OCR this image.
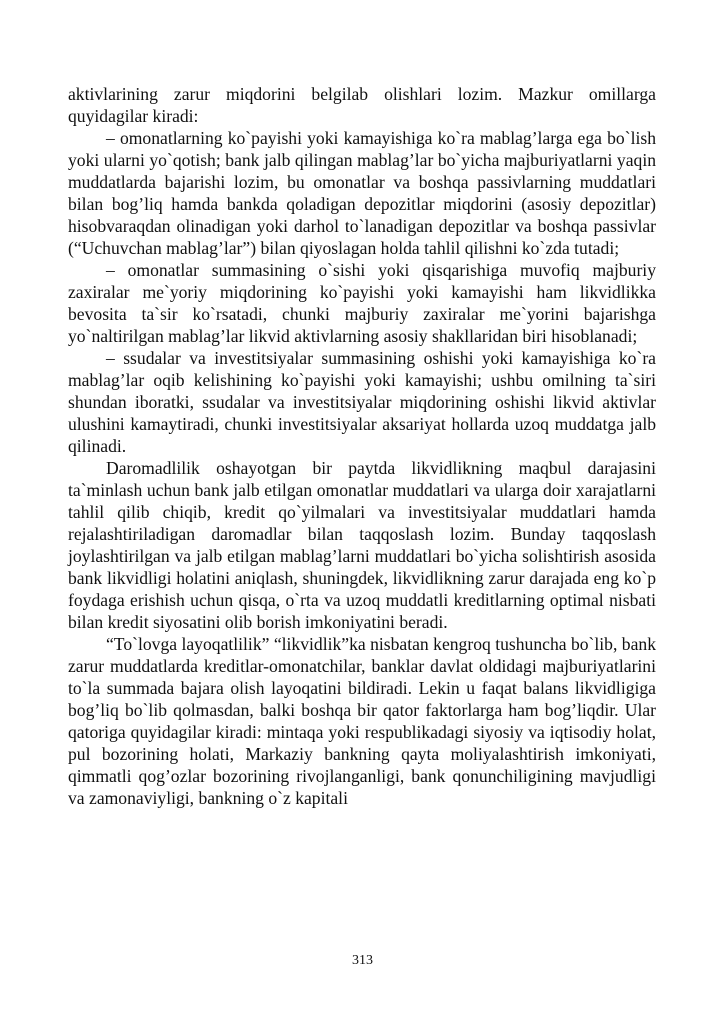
aktivlarining zarur miqdorini belgilab olishlari lozim. Mazkur omillarga quyidagilar kiradi:

– omonatlarning ko`payishi yoki kamayishiga ko`ra mablag’larga ega bo`lish yoki ularni yo`qotish; bank jalb qilingan mablag’lar bo`yicha majburiyatlarni yaqin muddatlarda bajarishi lozim, bu omonatlar va boshqa passivlarning muddatlari bilan bog’liq hamda bankda qoladigan depozitlar miqdorini (asosiy depozitlar) hisobvaraqdan olinadigan yoki darhol to`lanadigan depozitlar va boshqa passivlar (“Uchuvchan mablag’lar”) bilan qiyoslagan holda tahlil qilishni ko`zda tutadi;

– omonatlar summasining o`sishi yoki qisqarishiga muvofiq majburiy zaxiralar me`yoriy miqdorining ko`payishi yoki kamayishi ham likvidlikka bevosita ta`sir ko`rsatadi, chunki majburiy zaxiralar me`yorini bajarishga yo`naltirilgan mablag’lar likvid aktivlarning asosiy shakllaridan biri hisoblanadi;

– ssudalar va investitsiyalar summasining oshishi yoki kamayishiga ko`ra mablag’lar oqib kelishining ko`payishi yoki kamayishi; ushbu omilning ta`siri shundan iboratki, ssudalar va investitsiyalar miqdorining oshishi likvid aktivlar ulushini kamaytiradi, chunki investitsiyalar aksariyat hollarda uzoq muddatga jalb qilinadi.

Daromadlilik oshayotgan bir paytda likvidlikning maqbul darajasini ta`minlash uchun bank jalb etilgan omonatlar muddatlari va ularga doir xarajatlarni tahlil qilib chiqib, kredit qo`yilmalari va investitsiyalar muddatlari hamda rejalashtiriladigan daromadlar bilan taqqoslash lozim. Bunday taqqoslash joylashtirilgan va jalb etilgan mablag’larni muddatlari bo`yicha solishtirish asosida bank likvidligi holatini aniqlash, shuningdek, likvidlikning zarur darajada eng ko`p foydaga erishish uchun qisqa, o`rta va uzoq muddatli kreditlarning optimal nisbati bilan kredit siyosatini olib borish imkoniyatini beradi.

“To`lovga layoqatlilik” “likvidlik”ka nisbatan kengroq tushuncha bo`lib, bank zarur muddatlarda kreditlar-omonatchilar, banklar davlat oldidagi majburiyatlarini to`la summada bajara olish layoqatini bildiradi. Lekin u faqat balans likvidligiga bog’liq bo`lib qolmasdan, balki boshqa bir qator faktorlarga ham bog’liqdir. Ular qatoriga quyidagilar kiradi: mintaqa yoki respublikadagi siyosiy va iqtisodiy holat, pul bozorining holati, Markaziy bankning qayta moliyalashtirish imkoniyati, qimmatli qog’ozlar bozorining rivojlanganligi, bank qonunchiligining mavjudligi va zamonaviyligi, bankning o`z kapitali

313
